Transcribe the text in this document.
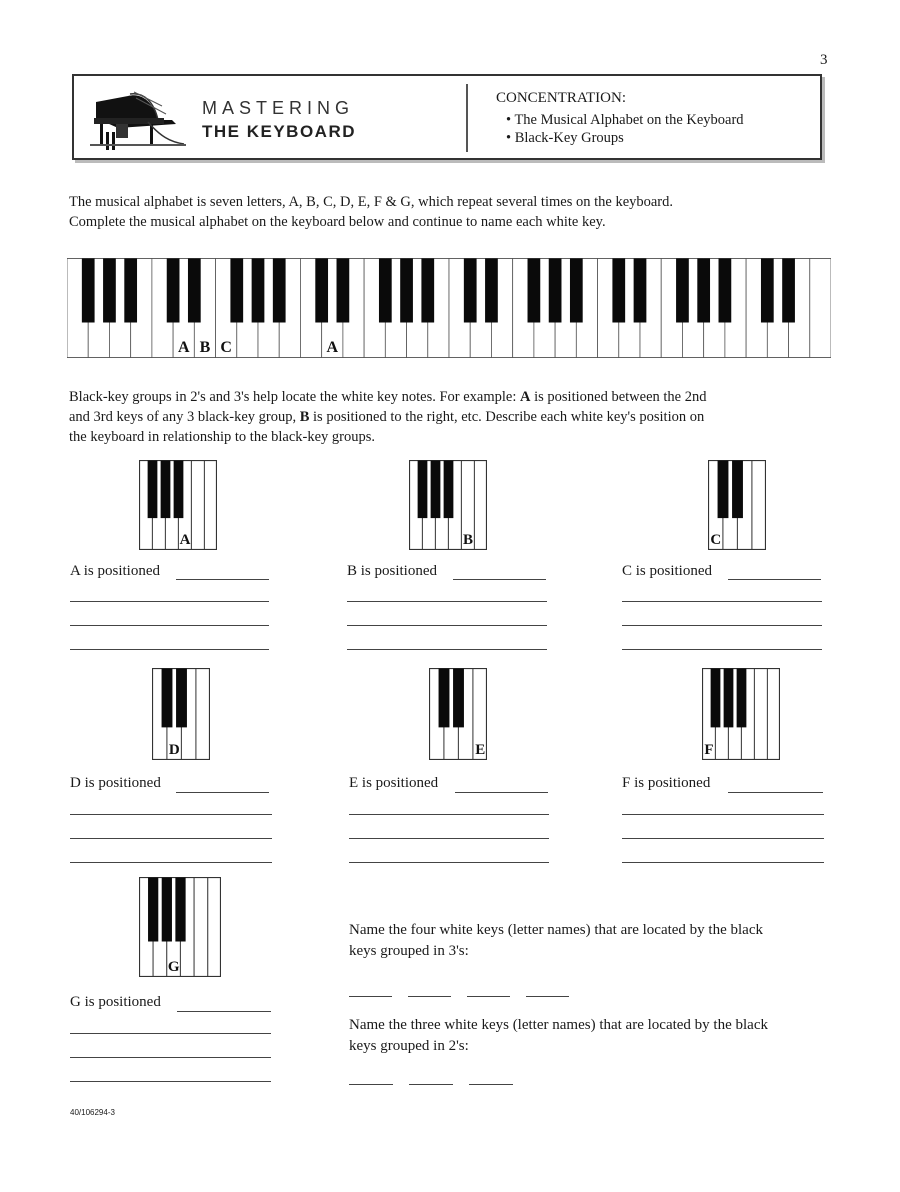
3
MASTERING
THE KEYBOARD
CONCENTRATION:
• The Musical Alphabet on the Keyboard
• Black-Key Groups
The musical alphabet is seven letters, A, B, C, D, E, F & G, which repeat several times on the keyboard.
Complete the musical alphabet on the keyboard below and continue to name each white key.
A B C	A
Black-key groups in 2's and 3's help locate the white key notes. For example: A is positioned between the 2nd
and 3rd keys of any 3 black-key group, B is positioned to the right, etc. Describe each white key's position on
the keyboard in relationship to the black-key groups.
A
A is positioned
B
B is positioned
C
C is positioned
D
D is positioned
E
E is positioned
F
F is positioned
G
G is positioned
Name the four white keys (letter names) that are located by the black
keys grouped in 3's:
Name the three white keys (letter names) that are located by the black
keys grouped in 2's:
40/106294-3
